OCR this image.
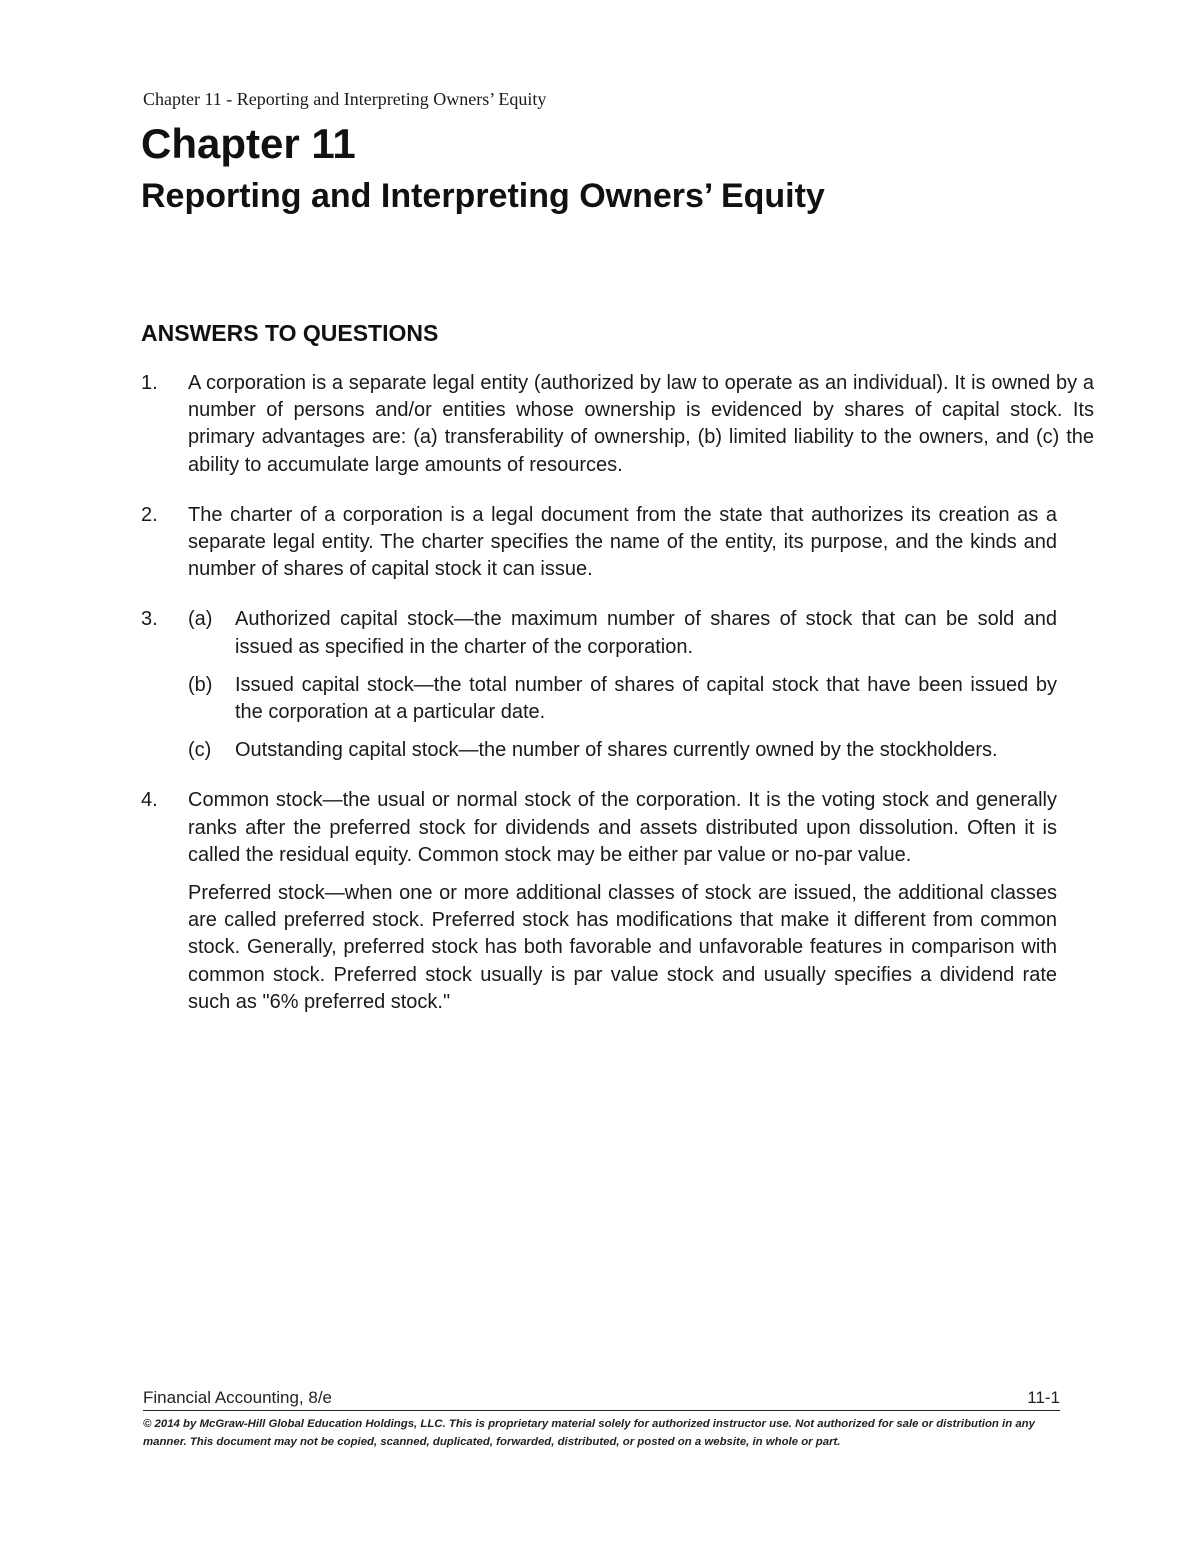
Chapter 11 - Reporting and Interpreting Owners’ Equity
Chapter 11
Reporting and Interpreting Owners’ Equity
ANSWERS TO QUESTIONS
1. A corporation is a separate legal entity (authorized by law to operate as an individual). It is owned by a number of persons and/or entities whose ownership is evidenced by shares of capital stock. Its primary advantages are: (a) transferability of ownership, (b) limited liability to the owners, and (c) the ability to accumulate large amounts of resources.
2. The charter of a corporation is a legal document from the state that authorizes its creation as a separate legal entity. The charter specifies the name of the entity, its purpose, and the kinds and number of shares of capital stock it can issue.
3. (a) Authorized capital stock—the maximum number of shares of stock that can be sold and issued as specified in the charter of the corporation.
(b) Issued capital stock—the total number of shares of capital stock that have been issued by the corporation at a particular date.
(c) Outstanding capital stock—the number of shares currently owned by the stockholders.
4. Common stock—the usual or normal stock of the corporation. It is the voting stock and generally ranks after the preferred stock for dividends and assets distributed upon dissolution. Often it is called the residual equity. Common stock may be either par value or no-par value.

Preferred stock—when one or more additional classes of stock are issued, the additional classes are called preferred stock. Preferred stock has modifications that make it different from common stock. Generally, preferred stock has both favorable and unfavorable features in comparison with common stock. Preferred stock usually is par value stock and usually specifies a dividend rate such as "6% preferred stock."

Financial Accounting, 8/e	11-1
© 2014 by McGraw-Hill Global Education Holdings, LLC. This is proprietary material solely for authorized instructor use. Not authorized for sale or distribution in any manner. This document may not be copied, scanned, duplicated, forwarded, distributed, or posted on a website, in whole or part.
